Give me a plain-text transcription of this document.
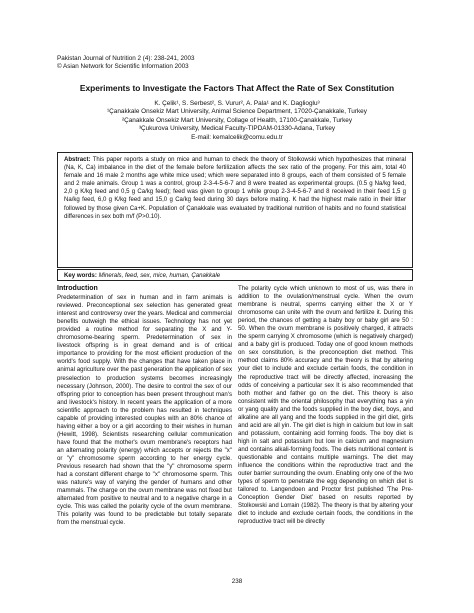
Pakistan Journal of Nutrition 2 (4): 238-241, 2003
© Asian Network for Scientific Information 2003
Experiments to Investigate the Factors That Affect the Rate of Sex Constitution
K. Çelik¹, S. Serbest², S. Vurur², A. Pala¹ and K. Daglioglu³
¹Çanakkale Onsekiz Mart University, Animal Science Department, 17020-Çanakkale, Turkey
²Çanakkale Onsekiz Mart University, Collage of Health, 17100-Çanakkale, Turkey
³Çukurova University, Medical Faculty-TIPDAM-01330-Adana, Turkey
E-mail: kemalcelik@comu.edu.tr
Abstract: This paper reports a study on mice and human to check the theory of Stolkowski which hypothesizes that mineral (Na, K, Ca) imbalance in the diet of the female before fertilization affects the sex ratio of the progeny. For this aim, total 40 female and 16 male 2 months age white mice used; which were separated into 8 groups, each of them consisted of 5 female and 2 male animals. Group 1 was a control, group 2-3-4-5-6-7 and 8 were treated as experimental groups. (0.5 g Na/kg feed, 2,0 g K/kg feed and 0,5 g Ca/kg feed); feed was given to group 1 while group 2-3-4-5-6-7 and 8 received in their feed 1,5 g Na/kg feed, 6,0 g K/kg feed and 15,0 g Ca/kg feed during 30 days before mating. K had the highest male ratio in their litter followed by those given Ca+K. Population of Çanakkale was evaluated by traditional nutrition of habits and no found statistical differences in sex both m/f (P>0.10).
Key words: Minerals, feed, sex, mice, human, Çanakkale
Introduction

Predetermination of sex in human and in farm animals is reviewed. Preconceptional sex selection has generated great interest and controversy over the years. Medical and commercial benefits outweigh the ethical issues. Technology has not yet provided a routine method for separating the X and Y-chromosome-bearing sperm. Predetermination of sex in livestock offspring is in great demand and is of critical importance to providing for the most efficient production of the world's food supply. With the changes that have taken place in animal agriculture over the past generation the application of sex preselection to production systems becomes increasingly necessary (Johnson, 2000). The desire to control the sex of our offspring prior to conception has been present throughout man's and livestock's history. In recent years the application of a more scientific approach to the problem has resulted in techniques capable of providing interested couples with an 80% chance of having either a boy or a girl according to their wishes in human (Hewitt, 1998). Scientists researching cellular communication have found that the mother's ovum membrane's receptors had an alternating polarity (energy) which accepts or rejects the "x" or "y" chromosome sperm according to her energy cycle. Previous research had shown that the "y" chromosome sperm had a constant different charge to "x" chromosome sperm. This was nature's way of varying the gender of humans and other mammals. The charge on the ovum membrane was not fixed but alternated from positive to neutral and to a negative charge in a cycle. This was called the polarity cycle of the ovum membrane. This polarity was found to be predictable but totally separate from the menstrual cycle.

The polarity cycle which unknown to most of us, was there in addition to the ovulation/menstrual cycle. When the ovum membrane is neutral, sperms carrying either the X or Y chromosome can unite with the ovum and fertilize it. During this period, the chances of getting a baby boy or baby girl are 50 : 50. When the ovum membrane is positively charged, it attracts the sperm carrying X chromosome (which is negatively charged) and a baby girl is produced. Today one of good known methods on sex constitution, is the preconception diet method. This method claims 80% accuracy and the theory is that by altering your diet to include and exclude certain foods, the condition in the reproductive tract will be directly affected, increasing the odds of conceiving a particular sex It is also recommended that both mother and father go on the diet. This theory is also consistent with the oriental philosophy that everything has a yin or yang quality and the foods supplied in the boy diet, boys, and alkaline are all yang and the foods supplied in the girl diet, girls and acid are all yin. The girl diet is high in calcium but low in salt and potassium, containing acid forming foods. The boy diet is high in salt and potassium but low in calcium and magnesium and contains alkali-forming foods. The diets nutritional content is questionable and contains multiple warnings. The diet may influence the conditions within the reproductive tract and the outer barrier surrounding the ovum. Enabling only one of the two types of sperm to penetrate the egg depending on which diet is tailored to. Langendoen and Proctor first published 'The Pre-Conception Gender Diet' based on results reported by Stolkowski and Lorrain (1982). The theory is that by altering your diet to include and exclude certain foods, the conditions in the reproductive tract will be directly

238
